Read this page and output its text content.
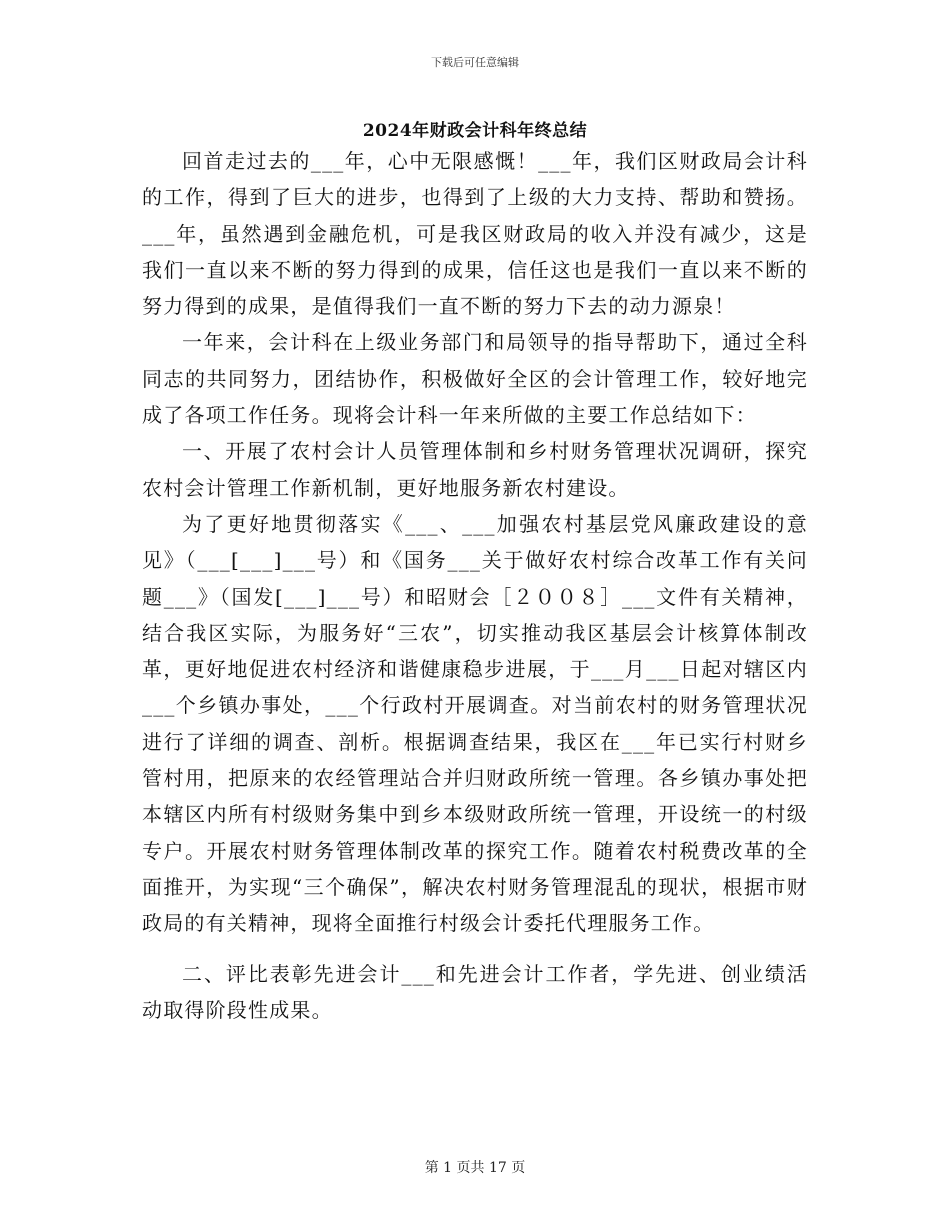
下载后可任意编辑
2024年财政会计科年终总结

回首走过去的___年，心中无限感慨！___年，我们区财政局会计科的工作，得到了巨大的进步，也得到了上级的大力支持、帮助和赞扬。___年，虽然遇到金融危机，可是我区财政局的收入并没有减少，这是我们一直以来不断的努力得到的成果，信任这也是我们一直以来不断的努力得到的成果，是值得我们一直不断的努力下去的动力源泉！

一年来，会计科在上级业务部门和局领导的指导帮助下，通过全科同志的共同努力，团结协作，积极做好全区的会计管理工作，较好地完成了各项工作任务。现将会计科一年来所做的主要工作总结如下：

一、开展了农村会计人员管理体制和乡村财务管理状况调研，探究农村会计管理工作新机制，更好地服务新农村建设。

为了更好地贯彻落实《___、___加强农村基层党风廉政建设的意见》（___[___]___号）和《国务___关于做好农村综合改革工作有关问题___》（国发[___]___号）和昭财会［２００８］___文件有关精神，结合我区实际，为服务好“三农”，切实推动我区基层会计核算体制改革，更好地促进农村经济和谐健康稳步进展，于___月___日起对辖区内___个乡镇办事处，___个行政村开展调查。对当前农村的财务管理状况进行了详细的调查、剖析。根据调查结果，我区在___年已实行村财乡管村用，把原来的农经管理站合并归财政所统一管理。各乡镇办事处把本辖区内所有村级财务集中到乡本级财政所统一管理，开设统一的村级专户。开展农村财务管理体制改革的探究工作。随着农村税费改革的全面推开，为实现“三个确保”，解决农村财务管理混乱的现状，根据市财政局的有关精神，现将全面推行村级会计委托代理服务工作。

二、评比表彰先进会计___和先进会计工作者，学先进、创业绩活动取得阶段性成果。

第 1 页共 17 页
